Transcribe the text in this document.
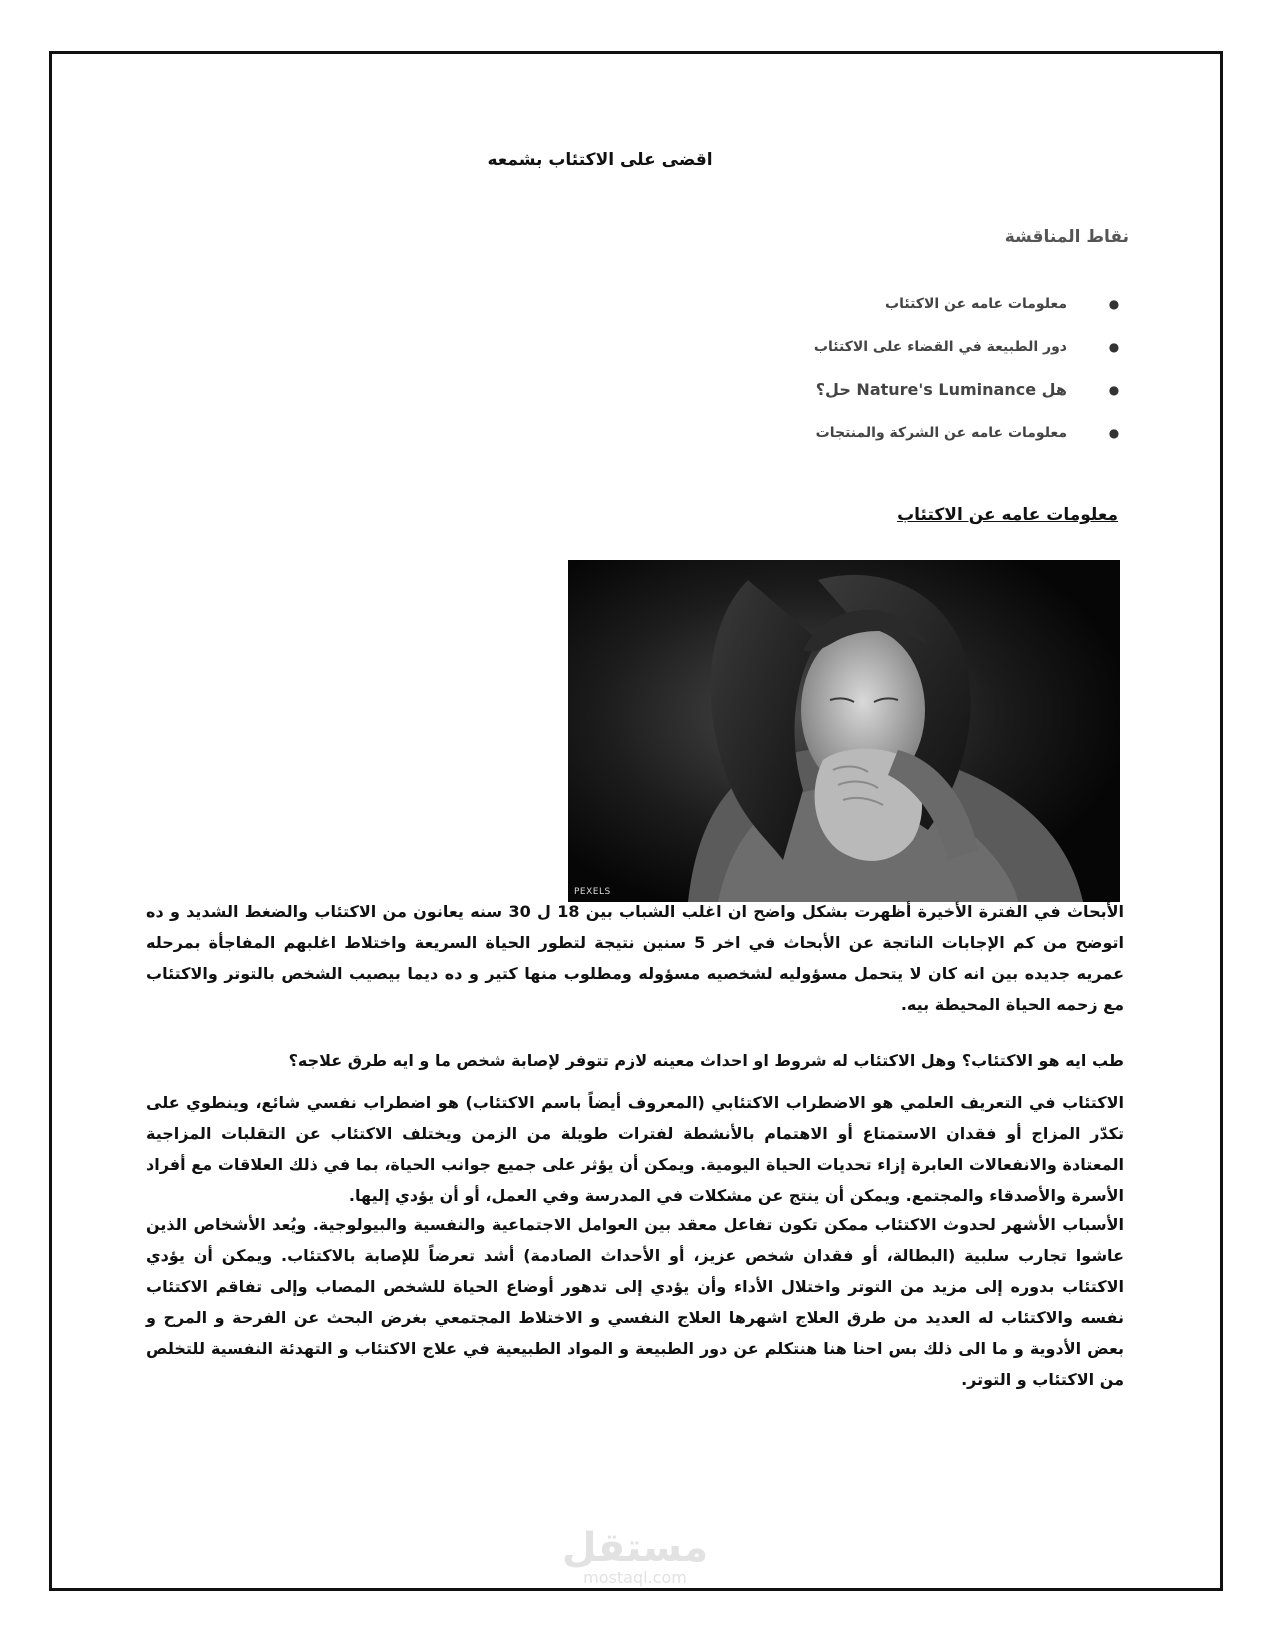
اقضى على الاكتئاب بشمعه
نقاط المناقشة
●
معلومات عامه عن الاكتئاب
●
دور الطبيعة في القضاء على الاكتئاب
●
هل Nature's Luminance حل؟
●
معلومات عامه عن الشركة والمنتجات
معلومات عامه عن الاكتئاب
PEXELS

الأبحاث في الفترة الأخيرة أظهرت بشكل واضح ان اغلب الشباب بين 18 ل 30 سنه يعانون من الاكتئاب والضغط الشديد و ده اتوضح من كم الإجابات الناتجة عن الأبحاث في اخر 5 سنين نتيجة لتطور الحياة السريعة واختلاط اغلبهم المفاجأة بمرحله عمريه جديده بين انه كان لا يتحمل مسؤوليه لشخصيه مسؤوله ومطلوب منها كتير و ده ديما بيصيب الشخص بالتوتر والاكتئاب مع زحمه الحياة المحيطة بيه.

طب ايه هو الاكتئاب؟ وهل الاكتئاب له شروط او احداث معينه لازم تتوفر لإصابة شخص ما و ايه طرق علاجه؟

الاكتئاب في التعريف العلمي هو الاضطراب الاكتئابي (المعروف أيضاً باسم الاكتئاب) هو اضطراب نفسي شائع، وينطوي على تكدّر المزاج أو فقدان الاستمتاع أو الاهتمام بالأنشطة لفترات طويلة من الزمن ويختلف الاكتئاب عن التقلبات المزاجية المعتادة والانفعالات العابرة إزاء تحديات الحياة اليومية. ويمكن أن يؤثر على جميع جوانب الحياة، بما في ذلك العلاقات مع أفراد الأسرة والأصدقاء والمجتمع. ويمكن أن ينتج عن مشكلات في المدرسة وفي العمل، أو أن يؤدي إليها.

الأسباب الأشهر لحدوث الاكتئاب ممكن تكون تفاعل معقد بين العوامل الاجتماعية والنفسية والبيولوجية. ويُعد الأشخاص الذين عاشوا تجارب سلبية (البطالة، أو فقدان شخص عزيز، أو الأحداث الصادمة) أشد تعرضاً للإصابة بالاكتئاب. ويمكن أن يؤدي الاكتئاب بدوره إلى مزيد من التوتر واختلال الأداء وأن يؤدي إلى تدهور أوضاع الحياة للشخص المصاب وإلى تفاقم الاكتئاب نفسه والاكتئاب له العديد من طرق العلاج اشهرها العلاج النفسي و الاختلاط المجتمعي بغرض البحث عن الفرحة و المرح و بعض الأدوية و ما الى ذلك بس احنا هنا هنتكلم عن دور الطبيعة و المواد الطبيعية في علاج الاكتئاب و التهدئة النفسية للتخلص من الاكتئاب و التوتر.

مستقل
mostaql.com
